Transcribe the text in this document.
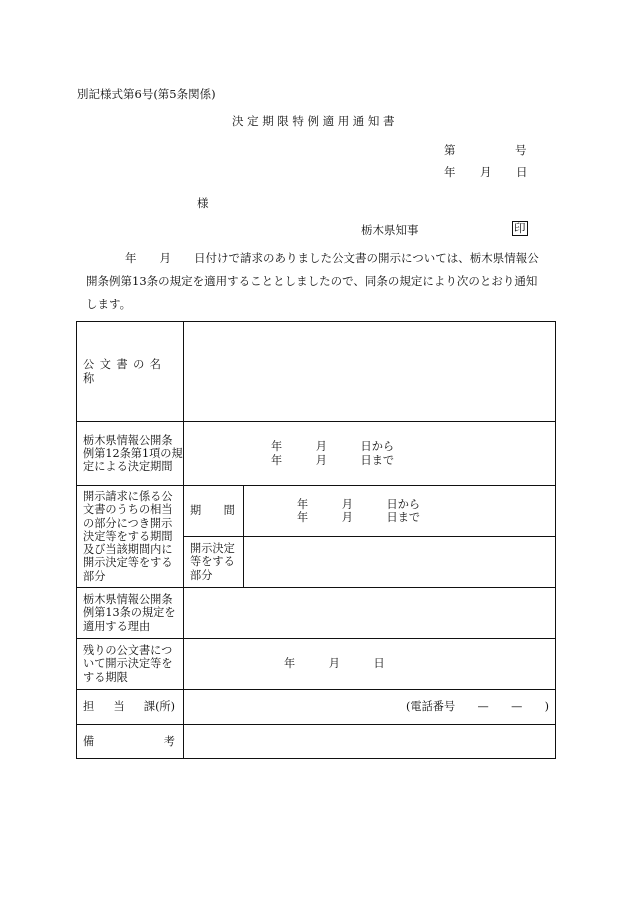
別記様式第6号(第5条関係)
決定期限特例適用通知書
第	号
年 月 日
様
栃木県知事	印

年　　月　　日付けで請求のありました公文書の開示については、栃木県情報公

開条例第13条の規定を適用することとしましたので、同条の規定により次のとおり通知

します。

公文書の名称		

栃木県情報公開条例第12条第1項の規定による決定期間	年　　　月　　　日から
年　　　月　　　日まで	

開示請求に係る公文書のうちの相当の部分につき開示決定等をする期間及び当該期間内に開示決定等をする部分	期　　間	年　　　月　　　日から
年　　　月　　　日まで

	開示決定等をする部分	
栃木県情報公開条例第13条の規定を適用する理由		
残りの公文書について開示決定等をする期限	年　　　月　　　日	

担 当 課(所)	(電話番号　　—　　—　　)	

備 考		
